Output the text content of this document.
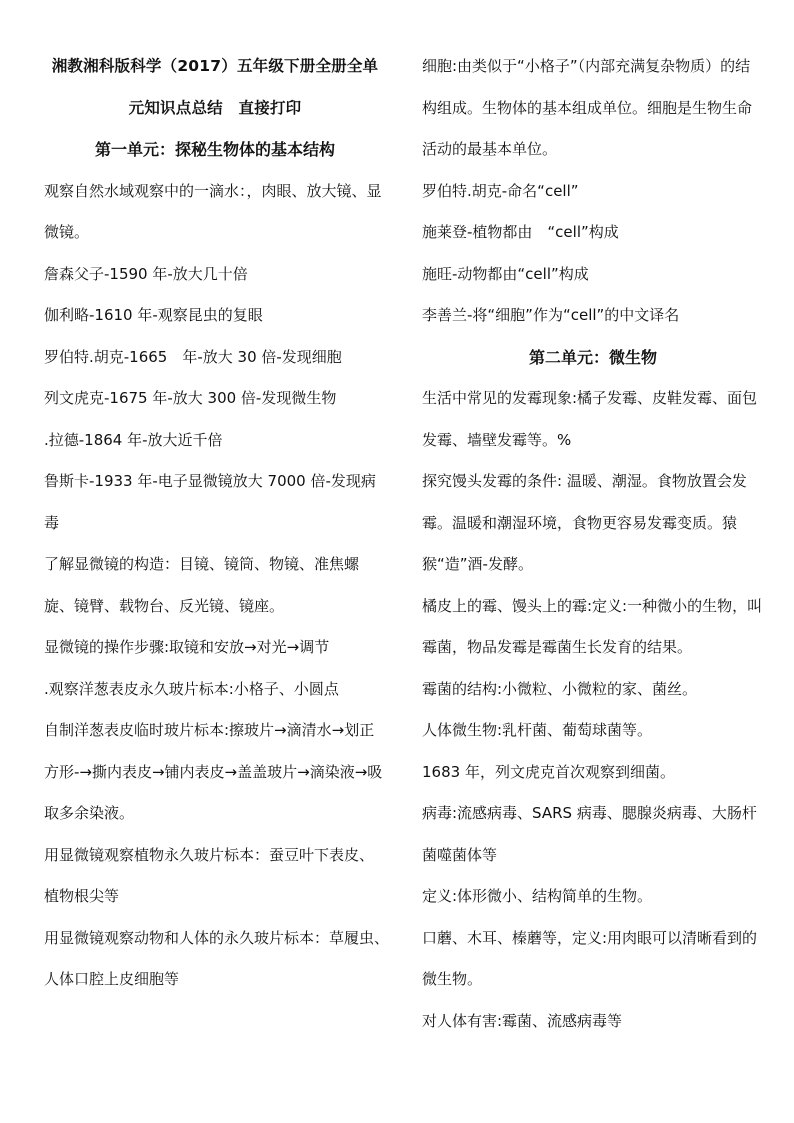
湘教湘科版科学（2017）五年级下册全册全单

元知识点总结　直接打印

第一单元：探秘生物体的基本结构

观察自然水域观察中的一滴水：，肉眼、放大镜、显微镜。

詹森父子-1590 年-放大几十倍

伽利略-1610 年-观察昆虫的复眼

罗伯特.胡克-1665　年-放大 30 倍-发现细胞

列文虎克-1675 年-放大 300 倍-发现微生物

.拉德-1864 年-放大近千倍

鲁斯卡-1933 年-电子显微镜放大 7000 倍-发现病毒

了解显微镜的构造：目镜、镜筒、物镜、准焦螺旋、镜臂、载物台、反光镜、镜座。

显微镜的操作步骤:取镜和安放→对光→调节

.观察洋葱表皮永久玻片标本:小格子、小圆点

自制洋葱表皮临时玻片标本:擦玻片→滴清水→划正方形-→撕内表皮→铺内表皮→盖盖玻片→滴染液→吸取多余染液。

用显微镜观察植物永久玻片标本：蚕豆叶下表皮、植物根尖等

用显微镜观察动物和人体的永久玻片标本：草履虫、　人体口腔上皮细胞等

细胞:由类似于“小格子”（内部充满复杂物质）的结构组成。生物体的基本组成单位。细胞是生物生命活动的最基本单位。

罗伯特.胡克-命名“cell”

施莱登-植物都由　“cell”构成

施旺-动物都由“cell”构成

李善兰-将“细胞”作为“cell”的中文译名

第二单元：微生物

生活中常见的发霉现象:橘子发霉、皮鞋发霉、面包发霉、墙壁发霉等。%

探究馒头发霉的条件: 温暖、潮湿。食物放置会发霉。温暖和潮湿环境，食物更容易发霉变质。猿猴“造”酒-发酵。

橘皮上的霉、馒头上的霉:定义:一种微小的生物，叫霉菌，物品发霉是霉菌生长发育的结果。

霉菌的结构:小微粒、小微粒的家、菌丝。

人体微生物:乳杆菌、葡萄球菌等。

1683 年，列文虎克首次观察到细菌。

病毒:流感病毒、SARS 病毒、腮腺炎病毒、大肠杆菌噬菌体等

定义:体形微小、结构简单的生物。

口蘑、木耳、榛蘑等，定义:用肉眼可以清晰看到的微生物。

对人体有害:霉菌、流感病毒等
